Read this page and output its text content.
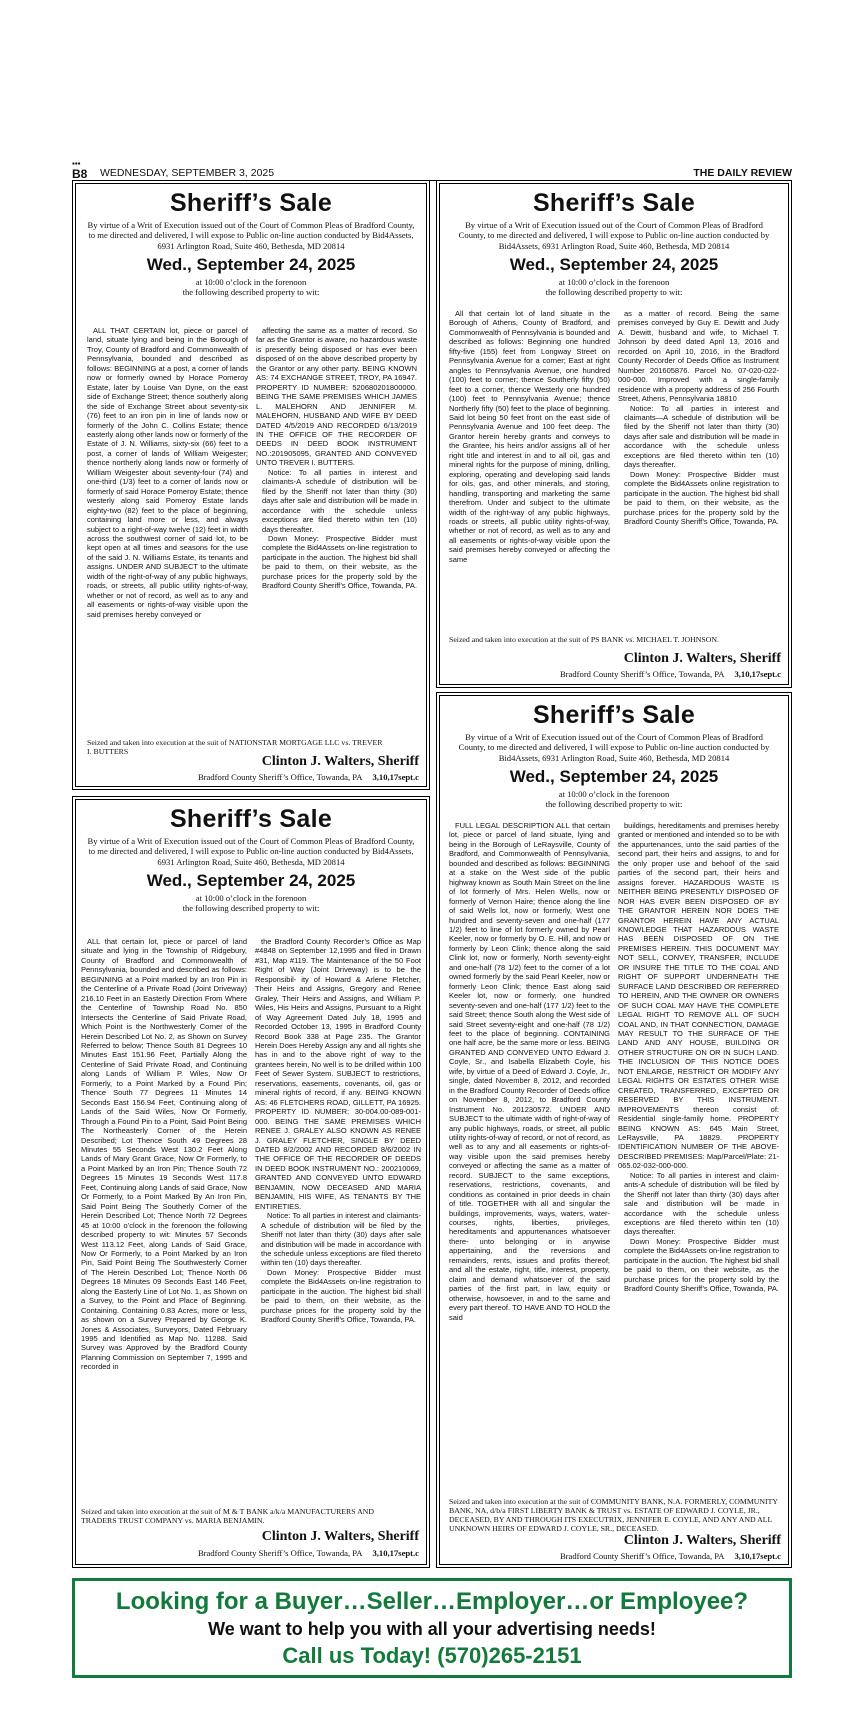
▪▪▪
B8 WEDNESDAY, SEPTEMBER 3, 2025	THE DAILY REVIEW
Sheriff’s Sale
By virtue of a Writ of Execution issued out of the Court of Common Pleas of Bradford County, to me directed and delivered, I will expose to Public on-line auction conducted by Bid4Assets, 6931 Arlington Road, Suite 460, Bethesda, MD 20814
Wed., September 24, 2025
at 10:00 o’clock in the forenoon
the following described property to wit:

ALL THAT CERTAIN lot, piece or parcel of land, situate lying and being in the Borough of Troy, County of Bradford and Commonwealth of Pennsylvania, bounded and described as follows: BEGINNING at a post, a corner of lands now or formerly owned by Horace Pomeroy Estate, later by Louise Van Dyne, on the east side of Exchange Street; thence southerly along the side of Exchange Street about seventy-six (76) feet to an iron pin in line of lands now or formerly of the John C. Collins Estate; thence easterly along other lands now or formerly of the Estate of J. N. Williams, sixty-six (66) feet to a post, a corner of lands of William Weigester; thence northerly along lands now or formerly of William Weigester about seventy-four (74) and one-third (1/3) feet to a corner of lands now or formerly of said Horace Pomeroy Estate; thence westerly along said Pomeroy Estate lands eighty-two (82) feet to the place of beginning, containing land more or less, and always subject to a right-of-way twelve (12) feet in width across the southwest corner of said lot, to be kept open at all times and seasons for the use of the said J. N. Williams Estate, its tenants and assigns. UNDER AND SUBJECT to the ultimate width of the right-of-way of any public highways, roads, or streets, all public utility rights-of-way, whether or not of record, as well as to any and all easements or rights-of-way visible upon the said premises hereby conveyed or

affecting the same as a matter of record. So far as the Grantor is aware, no hazardous waste is presently being disposed or has ever been disposed of on the above described property by the Grantor or any other party. BEING KNOWN AS: 74 EXCHANGE STREET, TROY, PA 16947. PROPERTY ID NUMBER: 520680201800000. BEING THE SAME PREMISES WHICH JAMES L. MALEHORN AND JENNIFER M. MALEHORN, HUSBAND AND WIFE BY DEED DATED 4/5/2019 AND RECORDED 6/13/2019 IN THE OFFICE OF THE RECORDER OF DEEDS IN DEED BOOK INSTRUMENT NO.:201905095, GRANTED AND CONVEYED UNTO TREVER I. BUTTERS.

Notice: To all parties in interest and claimants-A schedule of distribution will be filed by the Sheriff not later than thirty (30) days after sale and distribution will be made in accordance with the schedule unless exceptions are filed thereto within ten (10) days thereafter.

Down Money: Prospective Bidder must complete the Bid4Assets on-line registration to participate in the auction. The highest bid shall be paid to them, on their website, as the purchase prices for the property sold by the Bradford County Sheriff’s Office, Towanda, PA.

Seized and taken into execution at the suit of NATIONSTAR MORTGAGE LLC vs. TREVER I. BUTTERS
Clinton J. Walters, Sheriff
Bradford County Sheriff’s Office, Towanda, PA 3,10,17sept.c
Sheriff’s Sale
By virtue of a Writ of Execution issued out of the Court of Common Pleas of Bradford County, to me directed and delivered, I will expose to Public on-line auction conducted by Bid4Assets, 6931 Arlington Road, Suite 460, Bethesda, MD 20814
Wed., September 24, 2025
at 10:00 o’clock in the forenoon
the following described property to wit:

All that certain lot of land situate in the Borough of Athens, County of Bradford, and Commonwealth of Pennsylvania is bounded and described as follows: Beginning one hundred fifty-five (155) feet from Longway Street on Pennsylvania Avenue for a corner; East at right angles to Pennsylvania Avenue, one hundred (100) feet to corner; thence Southerly fifty (50) feet to a corner, thence Westerly one hundred (100) feet to Pennsylvania Avenue; thence Northerly fifty (50) feet to the place of beginning. Said lot being 50 feet front on the east side of Pennsylvania Avenue and 100 feet deep. The Grantor herein hereby grants and conveys to the Grantee, his heirs and/or assigns all of her right title and interest in and to all oil, gas and mineral rights for the purpose of mining, drilling, exploring, operating and developing said lands for oils, gas, and other minerals, and storing, handling, transporting and marketing the same therefrom. Under and subject to the ultimate width of the right-way of any public highways, roads or streets, all public utility rights-of-way, whether or not of record, as well as to any and all easements or rights-of-way visible upon the said premises hereby conveyed or affecting the same

as a matter of record. Being the same premises conveyed by Guy E. Dewitt and Judy A. Dewitt, husband and wife, to Michael T. Johnson by deed dated April 13, 2016 and recorded on April 10, 2016, in the Bradford County Recorder of Deeds Office as Instrument Number 201605876. Parcel No. 07-020-022-000-000. Improved with a single-family residence with a property address of 256 Fourth Street, Athens, Pennsylvania 18810

Notice: To all parties in interest and claimants—A schedule of distribution will be filed by the Sheriff not later than thirty (30) days after sale and distribution will be made in accordance with the schedule unless exceptions are filed thereto within ten (10) days thereafter.

Down Money: Prospective Bidder must complete the Bid4Assets online registration to participate in the auction. The highest bid shall be paid to them, on their website, as the purchase prices for the property sold by the Bradford County Sheriff’s Office, Towanda, PA.

Seized and taken into execution at the suit of PS BANK vs. MICHAEL T. JOHNSON.
Clinton J. Walters, Sheriff
Bradford County Sheriff’s Office, Towanda, PA 3,10,17sept.c
Sheriff’s Sale
By virtue of a Writ of Execution issued out of the Court of Common Pleas of Bradford County, to me directed and delivered, I will expose to Public on-line auction conducted by Bid4Assets, 6931 Arlington Road, Suite 460, Bethesda, MD 20814
Wed., September 24, 2025
at 10:00 o’clock in the forenoon
the following described property to wit:

ALL that certain lot, piece or parcel of land situate and lying in the Township of Ridgebury, County of Bradford and Commonwealth of Pennsylvania, bounded and described as follows: BEGINNING at a Point marked by an Iron Pin in the Centerline of a Private Road (Joint Driveway) 216.10 Feet in an Easterly Direction From Where the Centerline of Township Road No. 850 Intersects the Centerline of Said Private Road, Which Point is the Northwesterly Corner of the Herein Described Lot No. 2, as Shown on Survey Referred to below; Thence South 81 Degrees 10 Minutes East 151.96 Feet, Partially Along the Centerline of Said Private Road, and Continuing along Lands of William P. Wiles, Now Or Formerly, to a Point Marked by a Found Pin; Thence South 77 Degrees 11 Minutes 14 Seconds East 156.94 Feet, Continuing along of Lands of the Said Wiles, Now Or Formerly, Through a Found Pin to a Point, Said Point Being The Northeasterly Corner of the Herein Described; Lot Thence South 49 Degrees 28 Minutes 55 Seconds West 130.2 Feet Along Lands of Mary Grant Grace, Now Or Formerly, to a Point Marked by an Iron Pin; Thence South 72 Degrees 15 Minutes 19 Seconds West 117.8 Feet, Continuing along Lands of said Grace, Now Or Formerly, to a Point Marked By An Iron Pin, Said Point Being The Southerly Corner of the Herein Described Lot; Thence North 72 Degrees 45 at 10:00 o’clock in the forenoon the following described property to wit: Minutes 57 Seconds West 113.12 Feet, along Lands of Said Grace, Now Or Formerly, to a Point Marked by an Iron Pin, Said Point Being The Southwesterly Corner of The Herein Described Lot; Thence North 06 Degrees 18 Minutes 09 Seconds East 146 Feet, along the Easterly Line of Lot No. 1, as Shown on a Survey, to the Point and Place of Beginning. Containing. Containing 0.83 Acres, more or less, as shown on a Survey Prepared by George K. Jones & Associates, Surveyors, Dated February 1995 and Identified as Map No. 11288. Said Survey was Approved by the Bradford County Planning Commission on September 7, 1995 and recorded in

the Bradford County Recorder’s Office as Map #4848 on September 12,1995 and filed in Drawn #31, Map #119. The Maintenance of the 50 Foot Right of Way (Joint Driveway) is to be the Responsibil- ity of Howard & Arlene Fletcher, Their Heirs and Assigns, Gregory and Renee Graley, Their Heirs and Assigns, and William P. Wiles, His Heirs and Assigns, Pursuant to a Right of Way Agreement Dated July 18, 1995 and Recorded October 13, 1995 in Bradford County Record Book 338 at Page 235. The Grantor Herein Does Hereby Assign any and all rights she has in and to the above right of way to the grantees herein, No well is to be drilled within 100 Feet of Sewer System. SUBJECT to restrictions, reservations, easements, covenants, oil, gas or mineral rights of record, if any. BEING KNOWN AS: 46 FLETCHERS ROAD, GILLETT, PA 16925. PROPERTY ID NUMBER: 30-004.00-089-001-000. BEING THE SAME PREMISES WHICH RENEE J. GRALEY ALSO KNOWN AS RENEE J. GRALEY FLETCHER, SINGLE BY DEED DATED 8/2/2002 AND RECORDED 8/6/2002 IN THE OFFICE OF THE RECORDER OF DEEDS IN DEED BOOK INSTRUMENT NO.: 200210069, GRANTED AND CONVEYED UNTO EDWARD BENJAMIN, NOW DECEASED AND MARIA BENJAMIN, HIS WIFE, AS TENANTS BY THE ENTIRETIES.

Notice: To all parties in interest and claimants-A schedule of distribution will be filed by the Sheriff not later than thirty (30) days after sale and distribution will be made in accordance with the schedule unless exceptions are filed thereto within ten (10) days thereafter.

Down Money: Prospective Bidder must complete the Bid4Assets on-line registration to participate in the auction. The highest bid shall be paid to them, on their website, as the purchase prices for the property sold by the Bradford County Sheriff’s Office, Towanda, PA.

Seized and taken into execution at the suit of M & T BANK a/k/a MANUFACTURERS AND TRADERS TRUST COMPANY vs. MARIA BENJAMIN.
Clinton J. Walters, Sheriff
Bradford County Sheriff’s Office, Towanda, PA 3,10,17sept.c
Sheriff’s Sale
By virtue of a Writ of Execution issued out of the Court of Common Pleas of Bradford County, to me directed and delivered, I will expose to Public on-line auction conducted by Bid4Assets, 6931 Arlington Road, Suite 460, Bethesda, MD 20814
Wed., September 24, 2025
at 10:00 o’clock in the forenoon
the following described property to wit:

FULL LEGAL DESCRIPTION ALL that certain lot, piece or parcel of land situate, lying and being in the Borough of LeRaysville, County of Bradford, and Commonwealth of Pennsylvania, bounded and described as follows: BEGINNING at a stake on the West side of the public highway known as South Main Street on the line of lot formerly of Mrs. Helen Wells, now or formerly of Vernon Haire; thence along the line of said Wells lot, now or formerly, West one hundred and seventy-seven and one-half (177 1/2) feet to line of lot formerly owned by Pearl Keeler, now or formerly by O. E. Hill, and now or formerly by Leon Clink; thence along the said Clink lot, now or formerly, North seventy-eight and one-half (78 1/2) feet to the corner of a lot owned formerly by the said Pearl Keeler, now or formerly Leon Clink; thence East along said Keeler lot, now or formerly, one hundred seventy-seven and one-half (177 1/2) feet to the said Street; thence South along the West side of said Street seventy-eight and one-half (78 1/2) feet to the place of beginning. CONTAINING one half acre, be the same more or less. BEING GRANTED AND CONVEYED UNTO Edward J. Coyle, Sr., and Isabella Elizabeth Coyle, his wife, by virtue of a Deed of Edward J. Coyle, Jr., single, dated November 8, 2012, and recorded in the Bradford County Recorder of Deeds office on November 8, 2012, to Bradford County Instrument No. 201230572. UNDER AND SUBJECT to the ultimate width of right-of-way of any public highways, roads, or street, all public utility rights-of-way of record, or not of record, as well as to any and all easements or rights-of-way visible upon the said premises hereby conveyed or affecting the same as a matter of record. SUBJECT to the same exceptions, reservations, restrictions, covenants, and conditions as contained in prior deeds in chain of title. TOGETHER with all and singular the buildings, improvements, ways, waters, water- courses, rights, liberties, privileges, hereditaments and appurtenances whatsoever there- unto belonging or in anywise appertaining, and the reversions and remainders, rents, issues and profits thereof; and all the estate, right, title, interest, property, claim and demand whatsoever of the said parties of the first part, in law, equity or otherwise, howsoever, in and to the same and every part thereof. TO HAVE AND TO HOLD the said

buildings, hereditaments and premises hereby granted or mentioned and intended so to be with the appurtenances, unto the said parties of the second part, their heirs and assigns, to and for the only proper use and behoof of the said parties of the second part, their heirs and assigns forever. HAZARDOUS WASTE IS NEITHER BEING PRESENTLY DISPOSED OF NOR HAS EVER BEEN DISPOSED OF BY THE GRANTOR HEREIN NOR DOES THE GRANTOR HEREIN HAVE ANY ACTUAL KNOWLEDGE THAT HAZARDOUS WASTE HAS BEEN DISPOSED OF ON THE PREMISES HEREIN. THIS DOCUMENT MAY NOT SELL, CONVEY, TRANSFER, INCLUDE OR INSURE THE TITLE TO THE COAL AND RIGHT OF SUPPORT UNDERNEATH THE SURFACE LAND DESCRIBED OR REFERRED TO HEREIN, AND THE OWNER OR OWNERS OF SUCH COAL MAY HAVE THE COMPLETE LEGAL RIGHT TO REMOVE ALL OF SUCH COAL AND, IN THAT CONNECTION, DAMAGE MAY RESULT TO THE SURFACE OF THE LAND AND ANY HOUSE, BUILDING OR OTHER STRUCTURE ON OR IN SUCH LAND. THE INCLUSION OF THIS NOTICE DOES NOT ENLARGE, RESTRICT OR MODIFY ANY LEGAL RIGHTS OR ESTATES OTHER WISE CREATED, TRANSFERRED, EXCEPTED OR RESERVED BY THIS INSTRUMENT. IMPROVEMENTS thereon consist of: Residential single-family home. PROPERTY BEING KNOWN AS: 645 Main Street, LeRaysville, PA 18829. PROPERTY IDENTIFICATION NUMBER OF THE ABOVE-DESCRIBED PREMISES: Map/Parcel/Plate: 21-065.02-032-000-000.

Notice: To all parties in interest and claim- ants-A schedule of distribution will be filed by the Sheriff not later than thirty (30) days after sale and distribution will be made in accordance with the schedule unless exceptions are filed thereto within ten (10) days thereafter.

Down Money: Prospective Bidder must complete the Bid4Assets on-line registration to participate in the auction. The highest bid shall be paid to them, on their website, as the purchase prices for the property sold by the Bradford County Sheriff’s Office, Towanda, PA.

Seized and taken into execution at the suit of COMMUNITY BANK, N.A. FORMERLY, COMMUNITY BANK, NA, d/b/a FIRST LIBERTY BANK & TRUST vs. ESTATE OF EDWARD J. COYLE, JR., DECEASED, BY AND THROUGH ITS EXECUTRIX, JENNIFER E. COYLE, AND ANY AND ALL UNKNOWN HEIRS OF EDWARD J. COYLE, SR., DECEASED.
Clinton J. Walters, Sheriff
Bradford County Sheriff’s Office, Towanda, PA 3,10,17sept.c
Looking for a Buyer…Seller…Employer…or Employee?
We want to help you with all your advertising needs!
Call us Today! (570)265-2151
